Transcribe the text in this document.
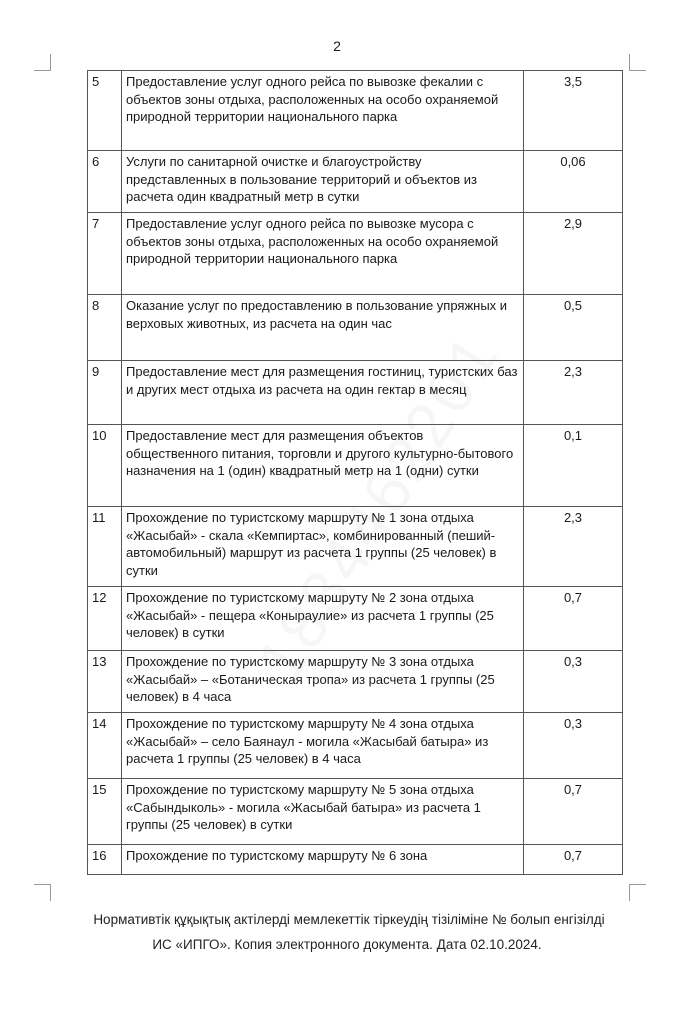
2
5	Предоставление услуг одного рейса по вывозке фекалии с объектов зоны отдыха, расположенных на особо охраняемой природной территории национального парка	3,5
6	Услуги по санитарной очистке и благоустройству представленных в пользование территорий и объектов из расчета один квадратный метр в сутки	0,06
7	Предоставление услуг одного рейса по вывозке мусора с объектов зоны отдыха, расположенных на особо охраняемой природной территории национального парка	2,9
8	Оказание услуг по предоставлению в пользование упряжных и верховых животных, из расчета на один час	0,5
9	Предоставление мест для размещения гостиниц, туристских баз и других мест отдыха из расчета на один гектар в месяц	2,3
10	Предоставление мест для размещения объектов общественного питания, торговли и другого культурно-бытового назначения на 1 (один) квадратный метр на 1 (одни) сутки	0,1
11	Прохождение по туристскому маршруту № 1 зона отдыха «Жасыбай» - скала «Кемпиртас», комбинированный (пеший-автомобильный) маршрут из расчета 1 группы (25 человек) в сутки	2,3
12	Прохождение по туристскому маршруту № 2 зона отдыха «Жасыбай» - пещера «Коныраулие» из расчета 1 группы (25 человек) в сутки	0,7
13	Прохождение по туристскому маршруту № 3 зона отдыха «Жасыбай» – «Ботаническая тропа» из расчета 1 группы (25 человек) в 4 часа	0,3
14	Прохождение по туристскому маршруту № 4 зона отдыха «Жасыбай» – село Баянаул - могила «Жасыбай батыра» из расчета 1 группы (25 человек) в 4 часа	0,3
15	Прохождение по туристскому маршруту № 5 зона отдыха «Сабындыколь» - могила «Жасыбай батыра» из расчета 1 группы (25 человек) в сутки	0,7
16	Прохождение по туристскому маршруту № 6 зона	0,7
Нормативтік құқықтық актілерді мемлекеттік тіркеудің тізіліміне № болып енгізілді
ИС «ИПГО». Копия электронного документа. Дата 02.10.2024.
